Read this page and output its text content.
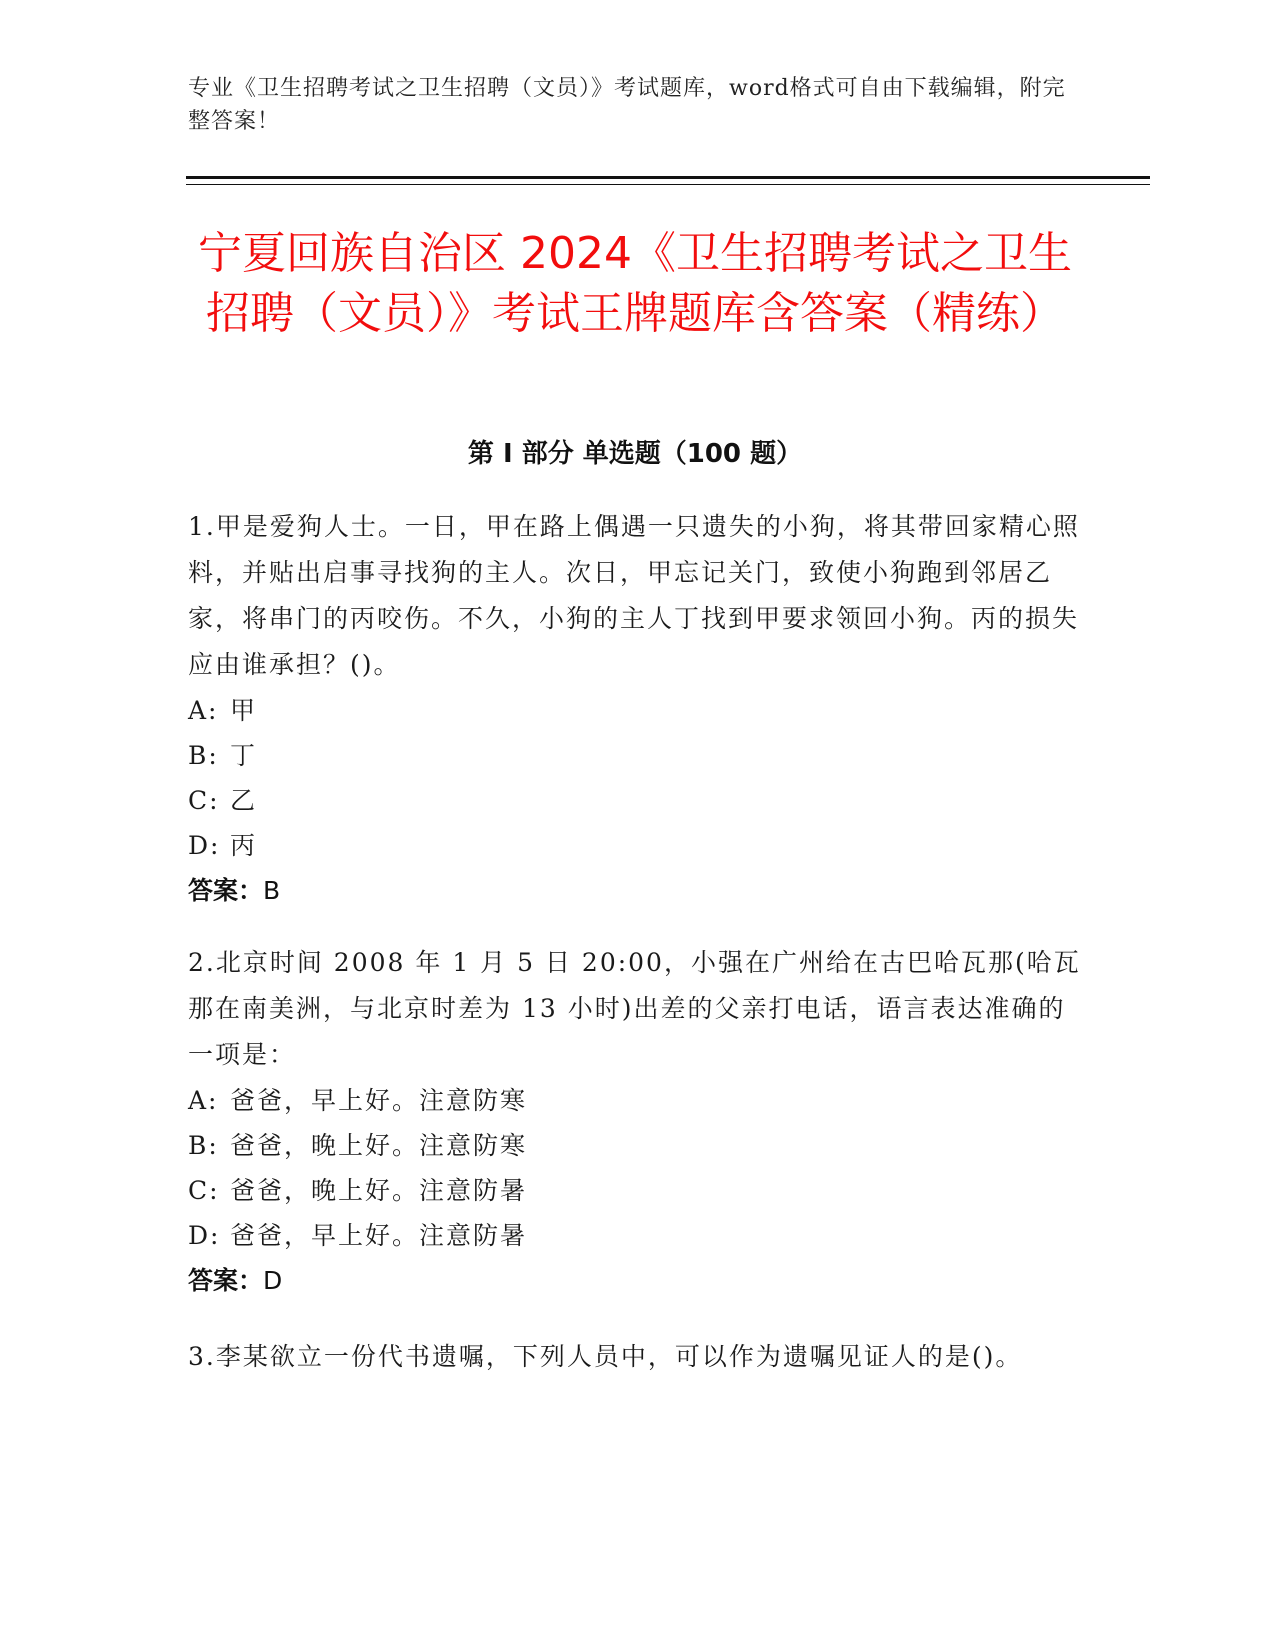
专业《卫生招聘考试之卫生招聘（文员）》考试题库，word格式可自由下载编辑，附完整答案！
宁夏回族自治区 2024《卫生招聘考试之卫生招聘（文员）》考试王牌题库含答案（精练）
第 I 部分 单选题（100 题）

1.甲是爱狗人士。一日，甲在路上偶遇一只遗失的小狗，将其带回家精心照料，并贴出启事寻找狗的主人。次日，甲忘记关门，致使小狗跑到邻居乙家，将串门的丙咬伤。不久，小狗的主人丁找到甲要求领回小狗。丙的损失应由谁承担？()。

A: 甲

B: 丁

C: 乙

D: 丙

答案：B

2.北京时间 2008 年 1 月 5 日 20:00，小强在广州给在古巴哈瓦那(哈瓦那在南美洲，与北京时差为 13 小时)出差的父亲打电话，语言表达准确的一项是：

A: 爸爸，早上好。注意防寒

B: 爸爸，晚上好。注意防寒

C: 爸爸，晚上好。注意防暑

D: 爸爸，早上好。注意防暑

答案：D

3.李某欲立一份代书遗嘱，下列人员中，可以作为遗嘱见证人的是()。
